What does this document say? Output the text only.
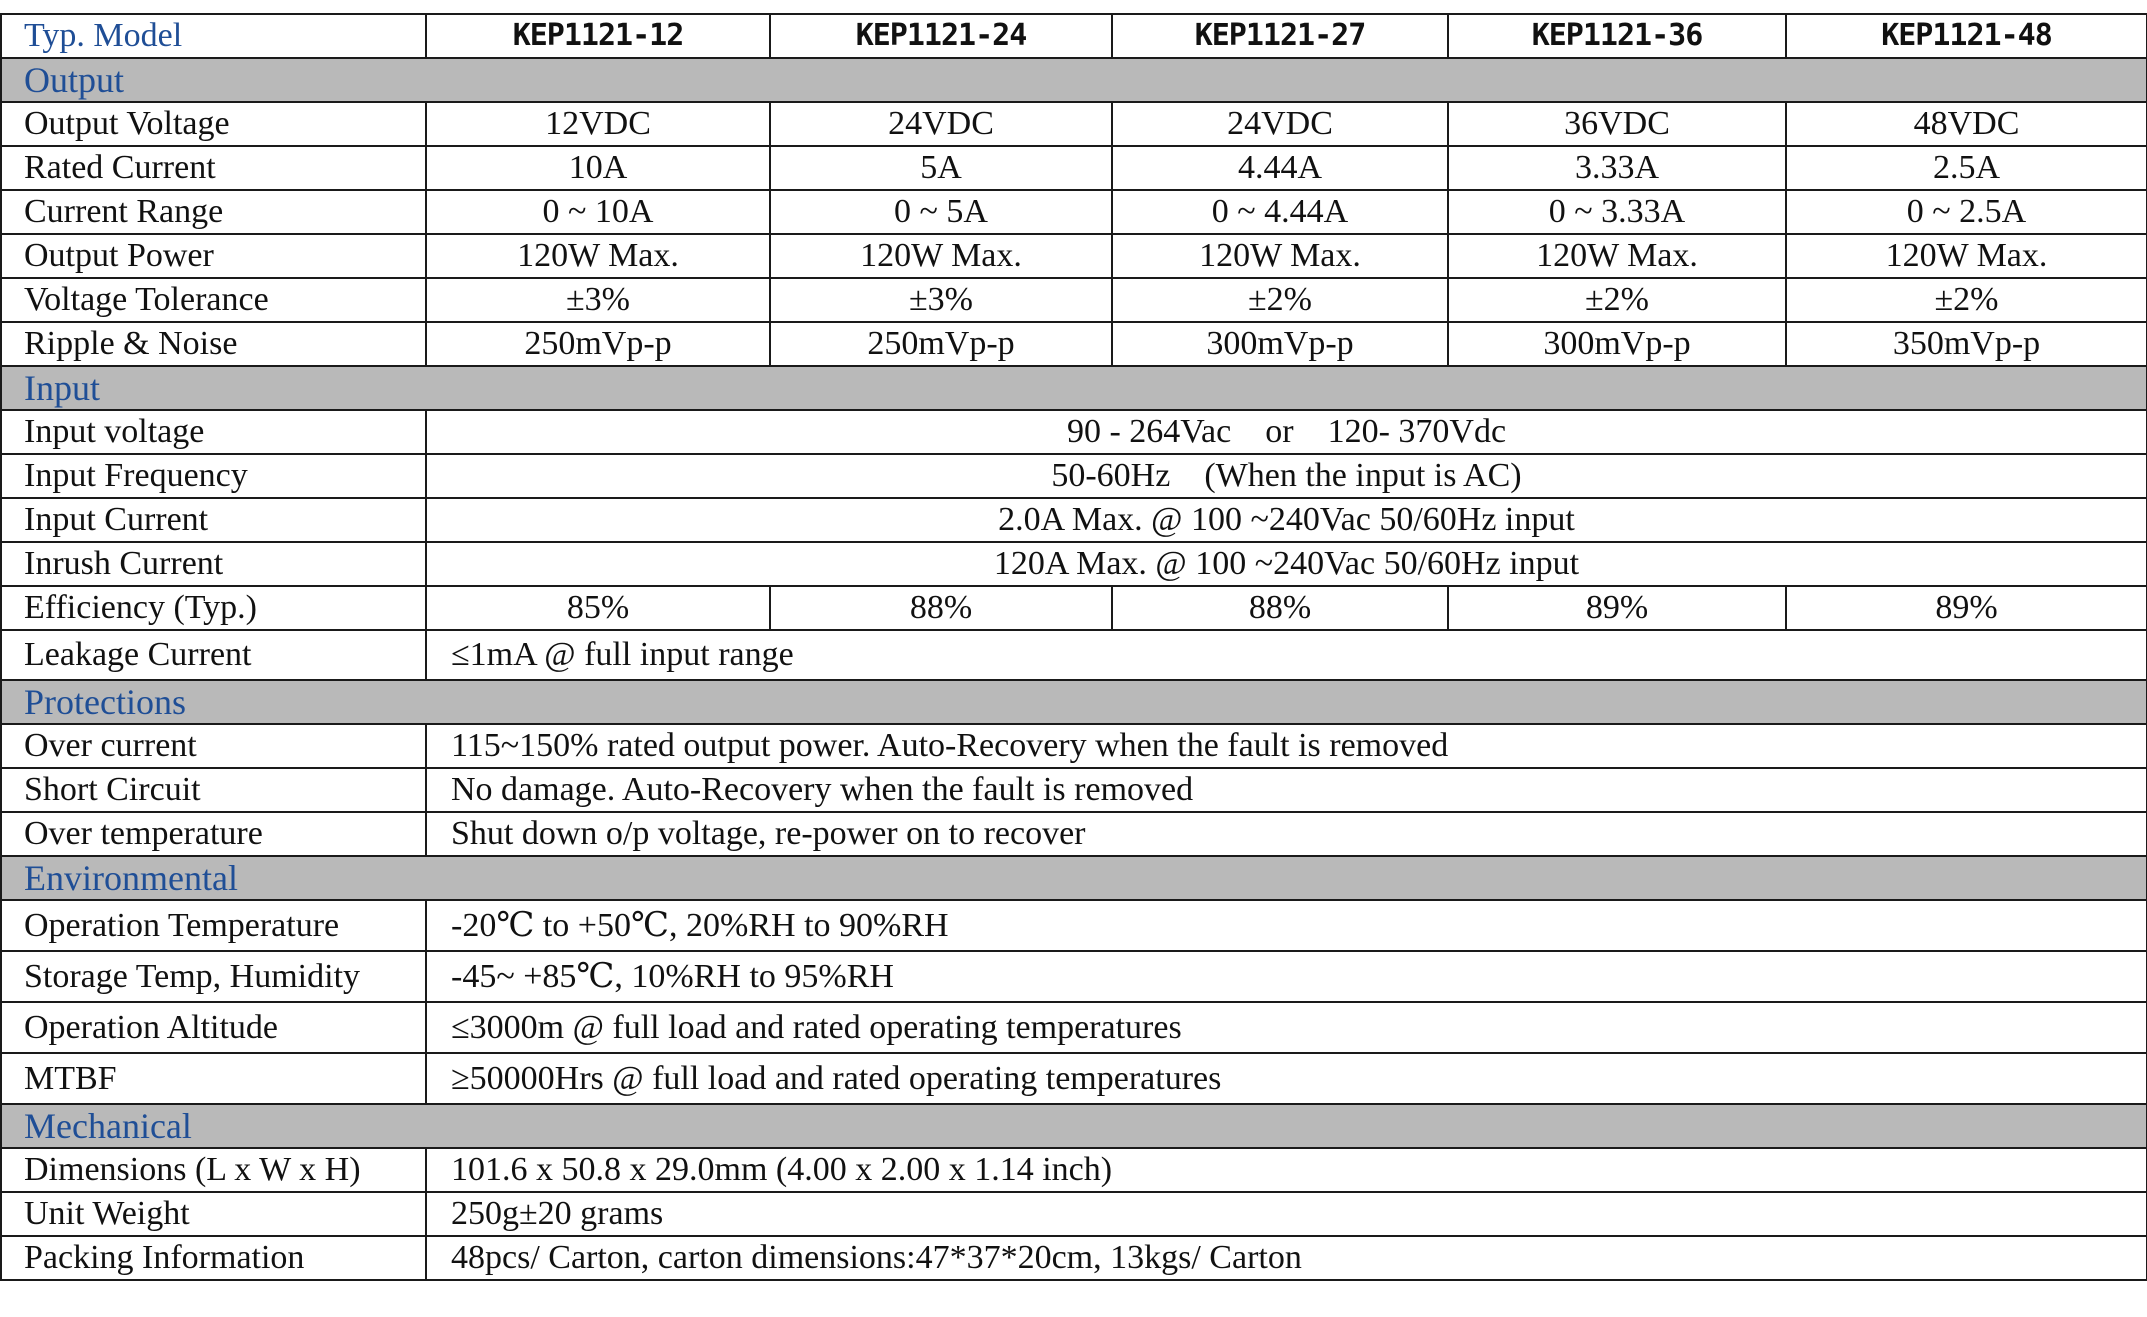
Typ. Model	KEP1121-12	KEP1121-24	KEP1121-27	KEP1121-36	KEP1121-48
Output					
Output Voltage	12VDC	24VDC	24VDC	36VDC	48VDC
Rated Current	10A	5A	4.44A	3.33A	2.5A
Current Range	0 ~ 10A	0 ~ 5A	0 ~ 4.44A	0 ~ 3.33A	0 ~ 2.5A
Output Power	120W Max.	120W Max.	120W Max.	120W Max.	120W Max.
Voltage Tolerance	±3%	±3%	±2%	±2%	±2%
Ripple & Noise	250mVp-p	250mVp-p	300mVp-p	300mVp-p	350mVp-p
Input					
Input voltage	90 - 264Vac    or    120- 370Vdc				
Input Frequency	50-60Hz    (When the input is AC)				
Input Current	2.0A Max. @ 100 ~240Vac 50/60Hz input				
Inrush Current	120A Max. @ 100 ~240Vac 50/60Hz input				
Efficiency (Typ.)	85%	88%	88%	89%	89%
Leakage Current	≤1mA @ full input range				
Protections					
Over current	115~150% rated output power. Auto-Recovery when the fault is removed				
Short Circuit	No damage. Auto-Recovery when the fault is removed				
Over temperature	Shut down o/p voltage, re-power on to recover				
Environmental					
Operation Temperature	-20℃ to +50℃, 20%RH to 90%RH				
Storage Temp, Humidity	-45~ +85℃, 10%RH to 95%RH				
Operation Altitude	≤3000m @ full load and rated operating temperatures				
MTBF	≥50000Hrs @ full load and rated operating temperatures				
Mechanical					
Dimensions (L x W x H)	101.6 x 50.8 x 29.0mm (4.00 x 2.00 x 1.14 inch)				
Unit Weight	250g±20 grams				
Packing Information	48pcs/ Carton, carton dimensions:47*37*20cm, 13kgs/ Carton				
